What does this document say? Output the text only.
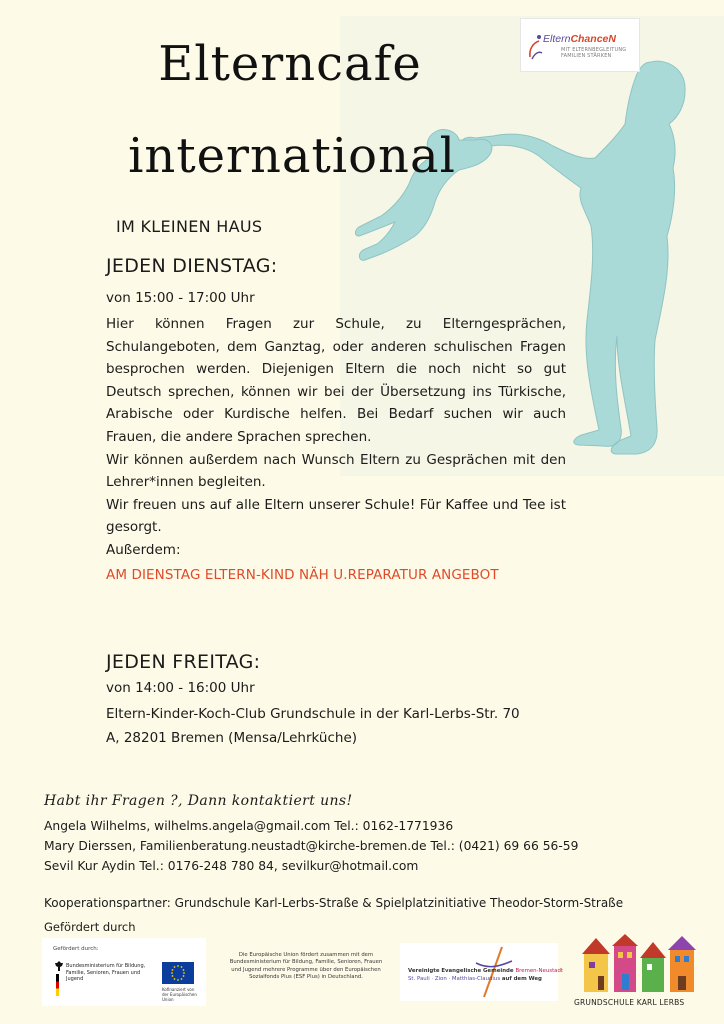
ElternChanceN
MIT ELTERNBEGLEITUNG
FAMILIEN STÄRKEN
Elterncafe
international
IM KLEINEN HAUS
JEDEN DIENSTAG:
von 15:00 - 17:00 Uhr

Hier können Fragen zur Schule, zu Elterngesprächen, Schulangeboten, dem Ganztag, oder anderen schulischen Fragen besprochen werden. Diejenigen Eltern die noch nicht so gut Deutsch sprechen, können wir bei der Übersetzung ins Türkische, Arabische oder Kurdische helfen. Bei Bedarf suchen wir auch Frauen, die andere Sprachen sprechen.

Wir können außerdem nach Wunsch Eltern zu Gesprächen mit den Lehrer*innen begleiten.

Wir freuen uns auf alle Eltern unserer Schule! Für Kaffee und Tee ist gesorgt.

Außerdem:

AM DIENSTAG ELTERN-KIND NÄH U.REPARATUR ANGEBOT
JEDEN FREITAG:
von 14:00 - 16:00 Uhr
Eltern-Kinder-Koch-Club Grundschule in der Karl-Lerbs-Str. 70
A, 28201 Bremen (Mensa/Lehrküche)
Habt ihr Fragen ?, Dann kontaktiert uns!
Angela Wilhelms, wilhelms.angela@gmail.com Tel.: 0162-1771936
Mary Dierssen, Familienberatung.neustadt@kirche-bremen.de Tel.: (0421) 69 66 56-59
Sevil Kur Aydin Tel.: 0176-248 780 84, sevilkur@hotmail.com
Kooperationspartner: Grundschule Karl-Lerbs-Straße & Spielplatzinitiative Theodor-Storm-Straße
Gefördert durch
Gefördert durch:
Bundesministerium für Bildung, Familie, Senioren, Frauen und Jugend
Kofinanziert von der Europäischen Union
Die Europäische Union fördert zusammen mit dem Bundesministerium für Bildung, Familie, Senioren, Frauen und Jugend mehrere Programme über den Europäischen Sozialfonds Plus (ESF Plus) in Deutschland.
Vereinigte Evangelische Gemeinde Bremen-Neustadt
St. Pauli · Zion · Matthias-Claudius auf dem Weg
GRUNDSCHULE KARL LERBS
